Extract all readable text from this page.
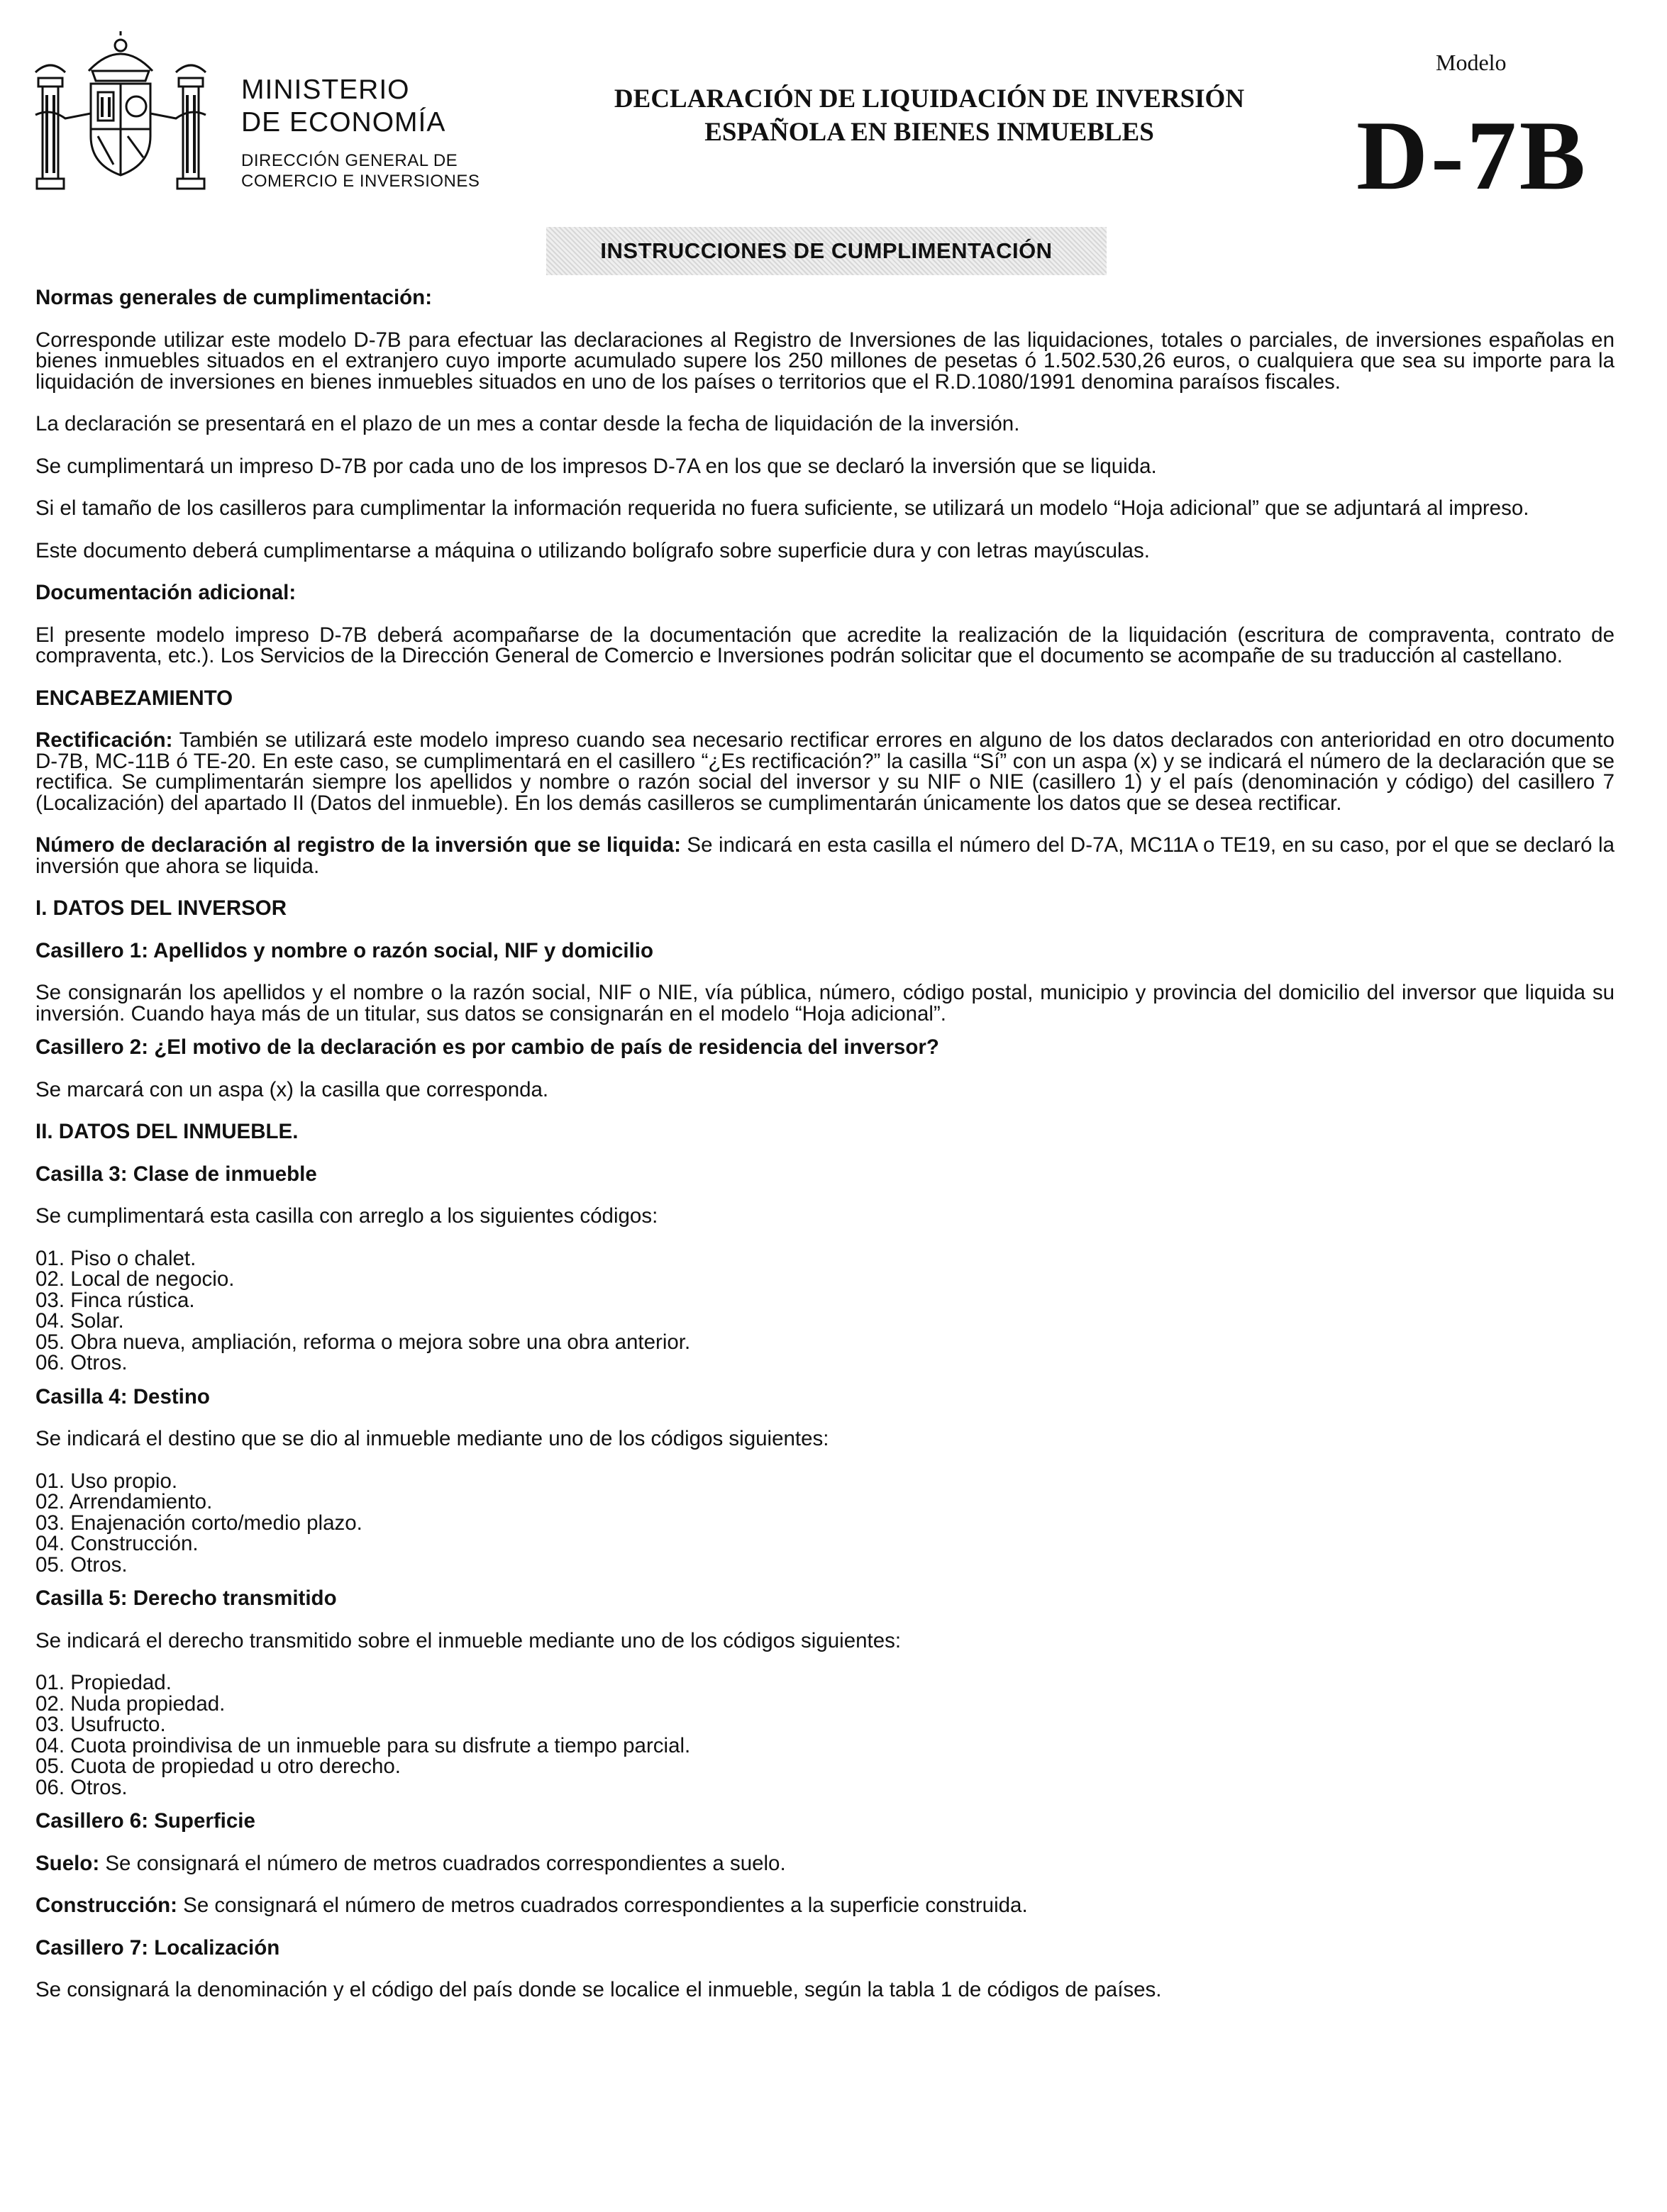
MINISTERIO
DE ECONOMÍA
DIRECCIÓN GENERAL DE
COMERCIO E INVERSIONES
DECLARACIÓN DE LIQUIDACIÓN DE INVERSIÓN
ESPAÑOLA EN BIENES INMUEBLES
Modelo
D-7B
INSTRUCCIONES DE CUMPLIMENTACIÓN

Normas generales de cumplimentación:

Corresponde utilizar este modelo D-7B para efectuar las declaraciones al Registro de Inversiones de las liquidaciones, totales o parciales, de inversiones españolas en bienes inmuebles situados en el extranjero cuyo importe acumulado supere los 250 millones de pesetas ó 1.502.530,26 euros, o cualquiera que sea su importe para la liquidación de inversiones en bienes inmuebles situados en uno de los países o territorios que el R.D.1080/1991 denomina paraísos fiscales.

La declaración se presentará en el plazo de un mes a contar desde la fecha de liquidación de la inversión.

Se cumplimentará un impreso D-7B por cada uno de los impresos D-7A en los que se declaró la inversión que se liquida.

Si el tamaño de los casilleros para cumplimentar la información requerida no fuera suficiente, se utilizará un modelo “Hoja adicional” que se adjuntará al impreso.

Este documento deberá cumplimentarse a máquina o utilizando bolígrafo sobre superficie dura y con letras mayúsculas.

Documentación adicional:

El presente modelo impreso D-7B deberá acompañarse de la documentación que acredite la realización de la liquidación (escritura de compraventa, contrato de compraventa, etc.). Los Servicios de la Dirección General de Comercio e Inversiones podrán solicitar que el documento se acompañe de su traducción al castellano.

ENCABEZAMIENTO

Rectificación: También se utilizará este modelo impreso cuando sea necesario rectificar errores en alguno de los datos declarados con anterioridad en otro documento D-7B, MC-11B ó TE-20. En este caso, se cumplimentará en el casillero “¿Es rectificación?” la casilla “Sí” con un aspa (x) y se indicará el número de la declaración que se rectifica. Se cumplimentarán siempre los apellidos y nombre o razón social del inversor y su NIF o NIE (casillero 1) y el país (denominación y código) del casillero 7 (Localización) del apartado II (Datos del inmueble). En los demás casilleros se cumplimentarán únicamente los datos que se desea rectificar.

Número de declaración al registro de la inversión que se liquida: Se indicará en esta casilla el número del D-7A, MC11A o TE19, en su caso, por el que se declaró la inversión que ahora se liquida.

I. DATOS DEL INVERSOR

Casillero 1: Apellidos y nombre o razón social, NIF y domicilio

Se consignarán los apellidos y el nombre o la razón social, NIF o NIE, vía pública, número, código postal, municipio y provincia del domicilio del inversor que liquida su inversión. Cuando haya más de un titular, sus datos se consignarán en el modelo “Hoja adicional”.

Casillero 2: ¿El motivo de la declaración es por cambio de país de residencia del inversor?

Se marcará con un aspa (x) la casilla que corresponda.

II. DATOS DEL INMUEBLE.

Casilla 3: Clase de inmueble

Se cumplimentará esta casilla con arreglo a los siguientes códigos:

01. Piso o chalet.
02. Local de negocio.
03. Finca rústica.
04. Solar.
05. Obra nueva, ampliación, reforma o mejora sobre una obra anterior.
06. Otros.

Casilla 4: Destino

Se indicará el destino que se dio al inmueble mediante uno de los códigos siguientes:

01. Uso propio.
02. Arrendamiento.
03. Enajenación corto/medio plazo.
04. Construcción.
05. Otros.

Casilla 5: Derecho transmitido

Se indicará el derecho transmitido sobre el inmueble mediante uno de los códigos siguientes:

01. Propiedad.
02. Nuda propiedad.
03. Usufructo.
04. Cuota proindivisa de un inmueble para su disfrute a tiempo parcial.
05. Cuota de propiedad u otro derecho.
06. Otros.

Casillero 6: Superficie

Suelo: Se consignará el número de metros cuadrados correspondientes a suelo.

Construcción: Se consignará el número de metros cuadrados correspondientes a la superficie construida.

Casillero 7: Localización

Se consignará la denominación y el código del país donde se localice el inmueble, según la tabla 1 de códigos de países.
